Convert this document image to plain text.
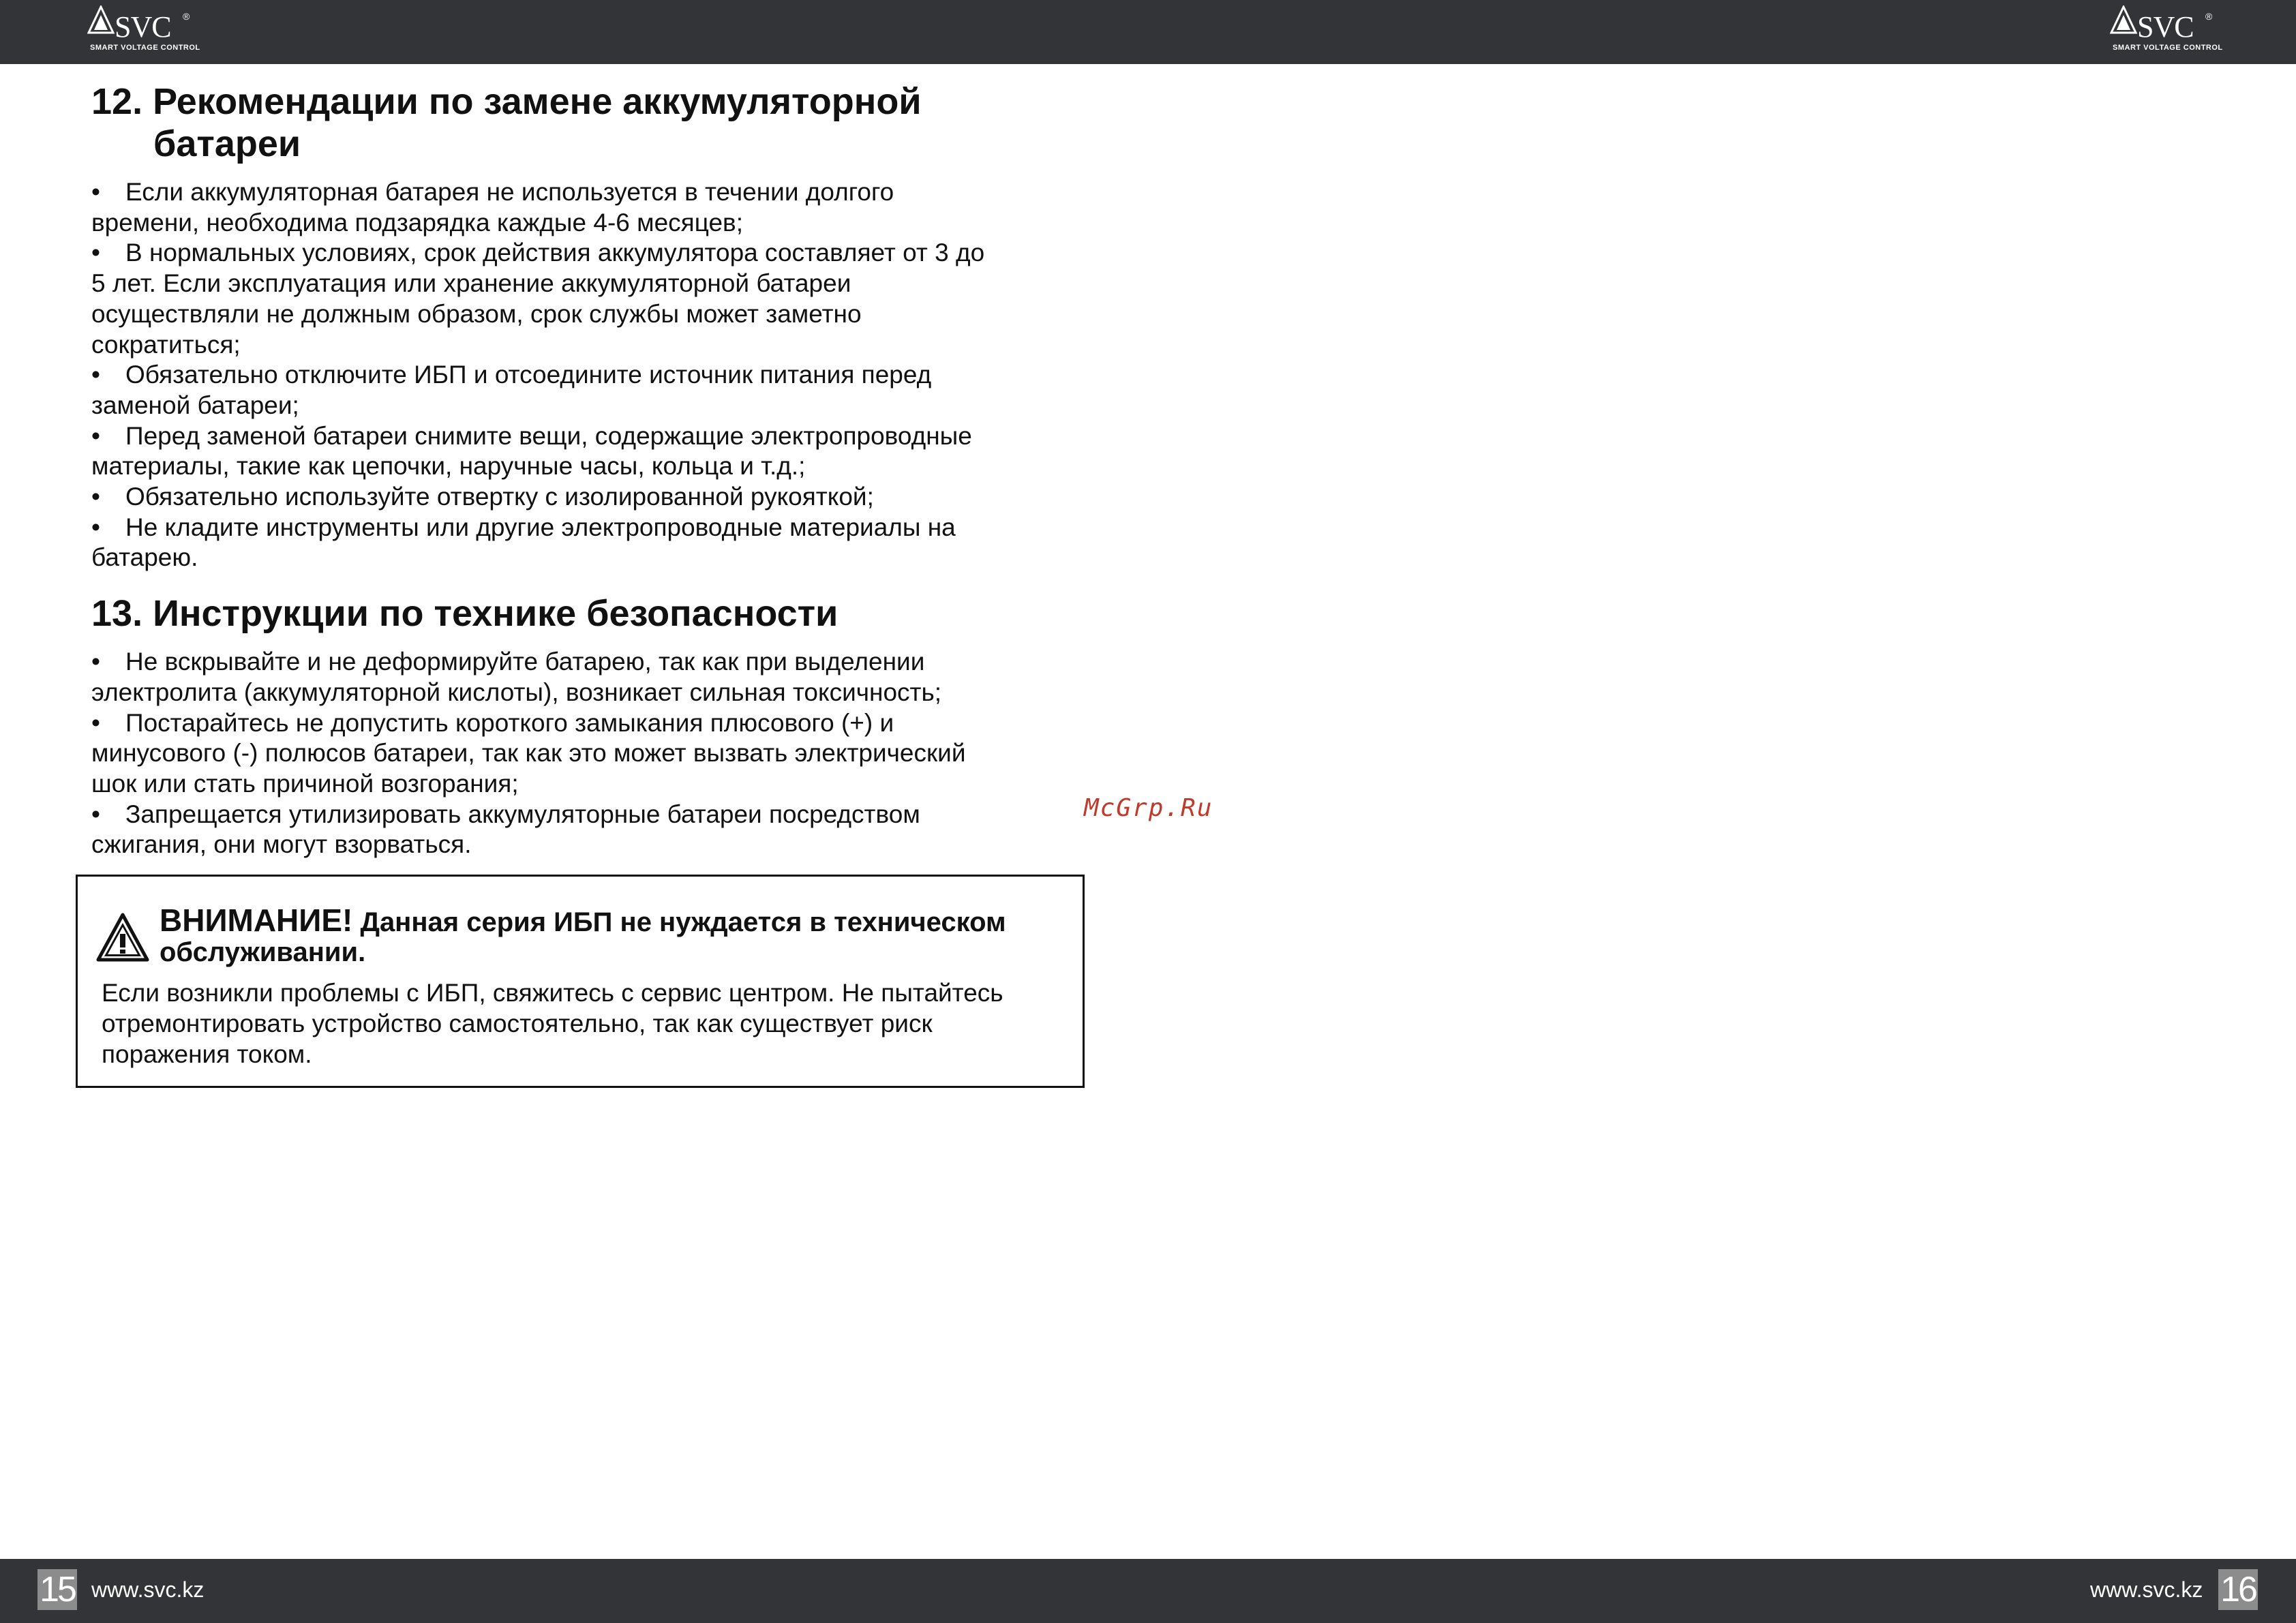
SVC ®
SMART VOLTAGE CONTROL
SVC ®
SMART VOLTAGE CONTROL
12. Рекомендации по замене аккумуляторной

батареи
• Если аккумуляторная батарея не используется в течении долгого
времени, необходима подзарядка каждые 4-6 месяцев;
• В нормальных условиях, срок действия аккумулятора составляет от 3 до
5 лет. Если эксплуатация или хранение аккумуляторной батареи
осуществляли не должным образом, срок службы может заметно
сократиться;
• Обязательно отключите ИБП и отсоедините источник питания перед
заменой батареи;
• Перед заменой батареи снимите вещи, содержащие электропроводные
материалы, такие как цепочки, наручные часы, кольца и т.д.;
• Обязательно используйте отвертку с изолированной рукояткой;
• Не кладите инструменты или другие электропроводные материалы на
батарею.
13. Инструкции по технике безопасности
• Не вскрывайте и не деформируйте батарею, так как при выделении
электролита (аккумуляторной кислоты), возникает сильная токсичность;
• Постарайтесь не допустить короткого замыкания плюсового (+) и
минусового (-) полюсов батареи, так как это может вызвать электрический
шок или стать причиной возгорания;
• Запрещается утилизировать аккумуляторные батареи посредством
сжигания, они могут взорваться.
McGrp.Ru
ВНИМАНИЕ! Данная серия ИБП не нуждается в техническом
обслуживании.
Если возникли проблемы с ИБП, свяжитесь с сервис центром. Не пытайтесь
отремонтировать устройство самостоятельно, так как существует риск
поражения током.
15 www.svc.kz	www.svc.kz 16
